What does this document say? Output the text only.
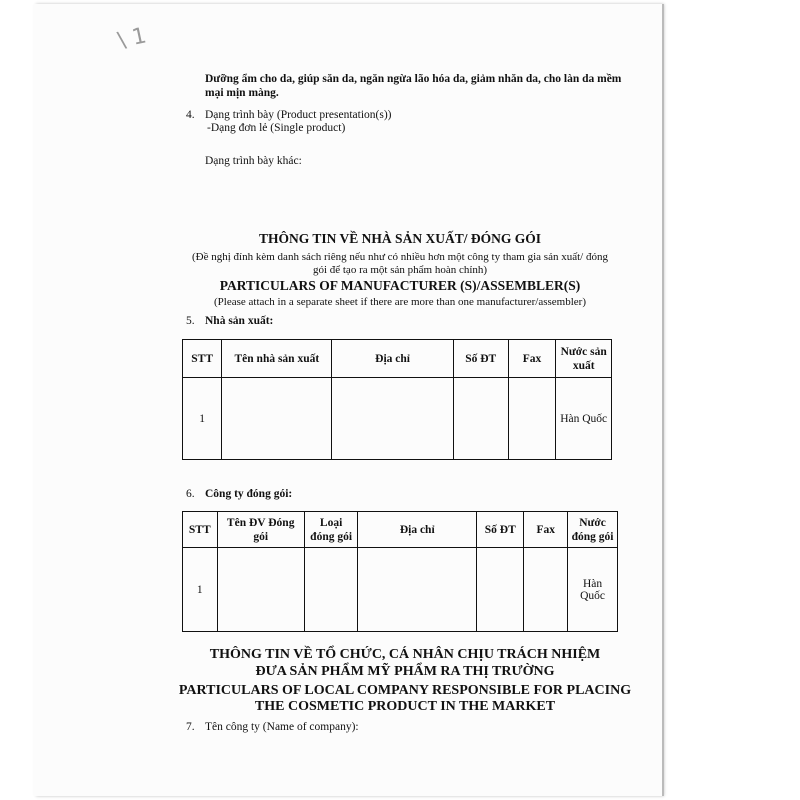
\ 1
Dưỡng ẩm cho da, giúp săn da, ngăn ngừa lão hóa da, giảm nhăn da, cho làn da mềm
mại mịn màng.
4. Dạng trình bày (Product presentation(s))
-Dạng đơn lẻ (Single product)
Dạng trình bày khác:
THÔNG TIN VỀ NHÀ SẢN XUẤT/ ĐÓNG GÓI
(Đề nghị đính kèm danh sách riêng nếu như có nhiều hơn một công ty tham gia sản xuất/ đóng
gói để tạo ra một sản phẩm hoàn chỉnh)
PARTICULARS OF MANUFACTURER (S)/ASSEMBLER(S)
(Please attach in a separate sheet if there are more than one manufacturer/assembler)
5. Nhà sản xuất:
STT	Tên nhà sản xuất	Địa chỉ	Số ĐT	Fax	Nước sản xuất
1					Hàn Quốc
6. Công ty đóng gói:
STT	Tên ĐV Đóng gói	Loại đóng gói	Địa chỉ	Số ĐT	Fax	Nước đóng gói
1						Hàn Quốc
THÔNG TIN VỀ TỔ CHỨC, CÁ NHÂN CHỊU TRÁCH NHIỆM
ĐƯA SẢN PHẨM MỸ PHẨM RA THỊ TRƯỜNG
PARTICULARS OF LOCAL COMPANY RESPONSIBLE FOR PLACING
THE COSMETIC PRODUCT IN THE MARKET
7. Tên công ty (Name of company):
